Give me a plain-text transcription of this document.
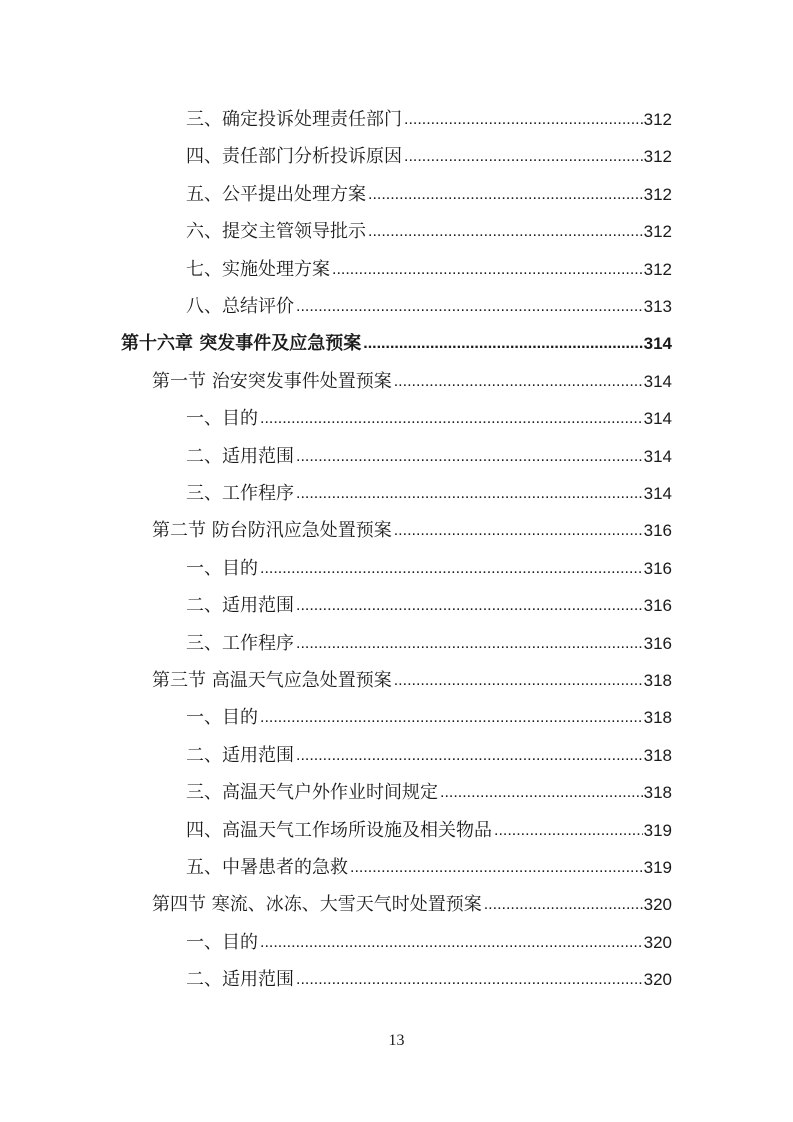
三、确定投诉处理责任部门 .....	312
四、责任部门分析投诉原因 .....	312
五、公平提出处理方案 .....	312
六、提交主管领导批示 .....	312
七、实施处理方案 .....	312
八、总结评价 .....	313
第十六章 突发事件及应急预案 .....	314
第一节 治安突发事件处置预案 .....	314
一、目的 .....	314
二、适用范围 .....	314
三、工作程序 .....	314
第二节 防台防汛应急处置预案 .....	316
一、目的 .....	316
二、适用范围 .....	316
三、工作程序 .....	316
第三节 高温天气应急处置预案 .....	318
一、目的 .....	318
二、适用范围 .....	318
三、高温天气户外作业时间规定 .....	318
四、高温天气工作场所设施及相关物品 .....	319
五、中暑患者的急救 .....	319
第四节 寒流、冰冻、大雪天气时处置预案 .....	320
一、目的 .....	320
二、适用范围 .....	320
13
